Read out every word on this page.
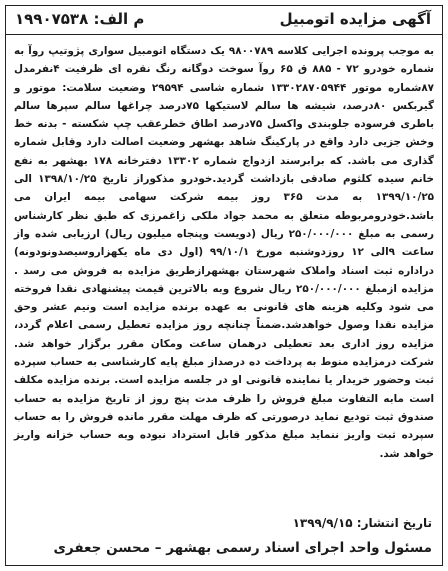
آگهی مزایده اتومبیل
م الف: ۱۹۹۰۷۵۳۸
به موجب پرونده اجرایی کلاسه ۹۸۰۰۷۸۹ یک دستگاه اتومبیل سواری پژوتیپ روآ به شماره خودرو ۷۲ - ۸۸۵ ق ۶۵ روآ سوخت دوگانه رنگ نقره ای ظرفیت ۴نفرمدل ۸۷شماره موتور ۱۳۳۰۲۸۷۰۵۹۴۴ شماره شاسی ۲۹۵۹۴ وضعیت سلامت: موتور و گیربکس ۸۰درصد، شیشه ها سالم لاستیکها ۷۵درصد چراغها سالم سپرها سالم باطری فرسوده جلوبندی واکسل ۷۵درصد اطاق خطرعقب چپ شکسته - بدنه خط وخش جزیی دارد واقع در پارکینگ شاهد بهشهر وضعیت اصالت دارد وقابل شماره گذاری می باشد. که برابرسند ازدواج شماره ۱۳۳۰۲ دفترخانه ۱۷۸ بهشهر به نفع خانم سیده کلثوم صادقی بازداشت گردید.خودرو مذکوراز تاریخ ۱۳۹۸/۱۰/۲۵ الی ۱۳۹۹/۱۰/۲۵ به مدت ۳۶۵ روز بیمه شرکت سهامی بیمه ایران می باشد.خودرومربوطه متعلق به محمد جواد ملکی زاغمرزی که طبق نظر کارشناس رسمی به مبلغ ۲۵۰/۰۰۰/۰۰۰ ریال (دویست وپنجاه میلیون ریال) ارزیابی شده واز ساعت ۹الی ۱۲ روزدوشنبه مورخ ۹۹/۱۰/۱ (اول دی ماه یکهزاروسیصدونودونه) دراداره ثبت اسناد واملاک شهرستان بهشهرازطریق مزایده به فروش می رسد . مزایده ازمبلغ ۲۵۰/۰۰۰/۰۰۰ ریال شروع وبه بالاترین قیمت پیشنهادی نقدا فروخته می شود وکلیه هزینه های قانونی به عهده برنده مزایده است ونیم عشر وحق مزایده نقدا وصول خواهدشد.ضمناً چنانچه روز مزایده تعطیل رسمی اعلام گردد، مزایده روز اداری بعد تعطیلی درهمان ساعت ومکان مقرر برگزار خواهد شد. شرکت درمزایده منوط به پرداخت ده درصداز مبلغ پایه کارشناسی به حساب سپرده ثبت وحضور خریدار یا نماینده قانونی او در جلسه مزایده است. برنده مزایده مکلف است مابه التفاوت مبلغ فروش را ظرف مدت پنج روز از تاریخ مزایده به حساب صندوق ثبت تودیع نماید درصورتی که ظرف مهلت مقرر مانده فروش را به حساب سپرده ثبت واریز ننماید مبلغ مذکور قابل استرداد نبوده وبه حساب خزانه واریز خواهد شد.
تاریخ انتشار: ۱۳۹۹/۹/۱۵
مسئول واحد اجرای اسناد رسمی بهشهر – محسن جعفری
